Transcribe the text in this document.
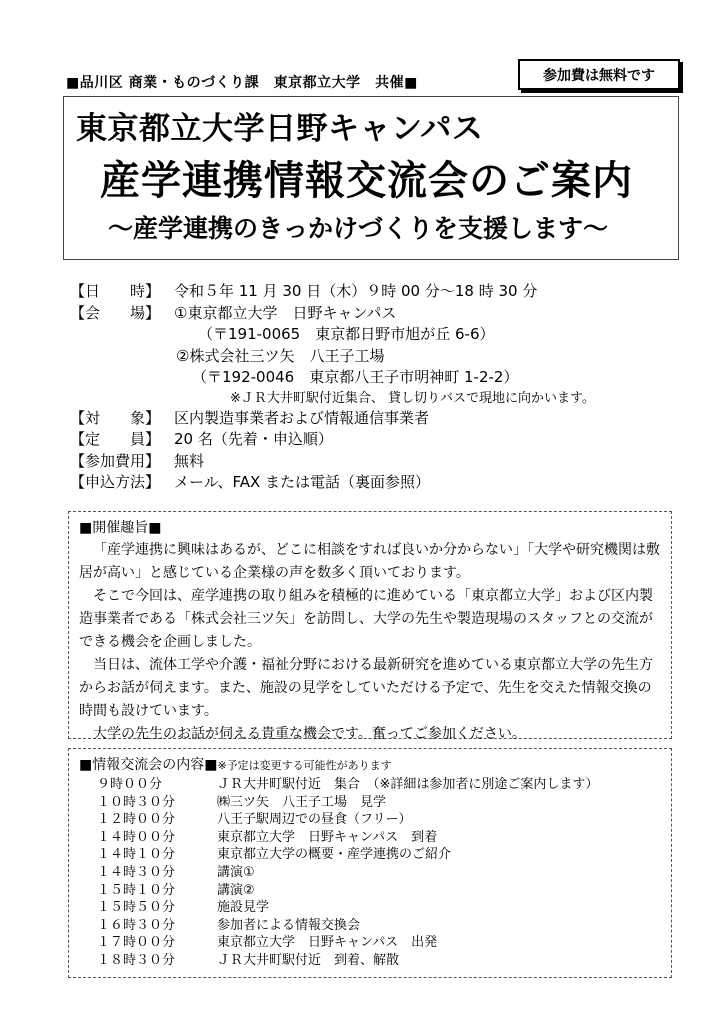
■品川区 商業・ものづくり課　東京都立大学　共催■	参加費は無料です
東京都立大学日野キャンパス
産学連携情報交流会のご案内
～産学連携のきっかけづくりを支援します～
【日　　時】 令和５年 11 月 30 日（木）９時 00 分～18 時 30 分
【会　　場】 ①東京都立大学　日野キャンパス
（〒191-0065　東京都日野市旭が丘 6-6）
②株式会社三ツ矢　八王子工場
（〒192-0046　東京都八王子市明神町 1-2-2）
※ＪＲ大井町駅付近集合、 貸し切りバスで現地に向かいます。
【対　　象】 区内製造事業者および情報通信事業者
【定　　員】 20 名（先着・申込順）
【参加費用】 無料
【申込方法】 メール、FAX または電話（裏面参照）
■開催趣旨■

「産学連携に興味はあるが、どこに相談をすれば良いか分からない」「大学や研究機関は敷居が高い」と感じている企業様の声を数多く頂いております。

そこで今回は、産学連携の取り組みを積極的に進めている「東京都立大学」および区内製造事業者である「株式会社三ツ矢」を訪問し、大学の先生や製造現場のスタッフとの交流ができる機会を企画しました。

当日は、流体工学や介護・福祉分野における最新研究を進めている東京都立大学の先生方からお話が伺えます。また、施設の見学をしていただける予定で、先生を交えた情報交換の時間も設けています。

大学の先生のお話が伺える貴重な機会です。奮ってご参加ください。

■情報交流会の内容■※予定は変更する可能性があります
９時００分	ＪＲ大井町駅付近　集合　（※詳細は参加者に別途ご案内します）
１０時３０分	㈱三ツ矢　八王子工場　見学
１２時００分	八王子駅周辺での昼食（フリー）
１４時００分	東京都立大学　日野キャンパス　到着
１４時１０分	東京都立大学の概要・産学連携のご紹介
１４時３０分	講演①
１５時１０分	講演②
１５時５０分	施設見学
１６時３０分	参加者による情報交換会
１７時００分	東京都立大学　日野キャンパス　出発
１８時３０分	ＪＲ大井町駅付近　到着、解散
